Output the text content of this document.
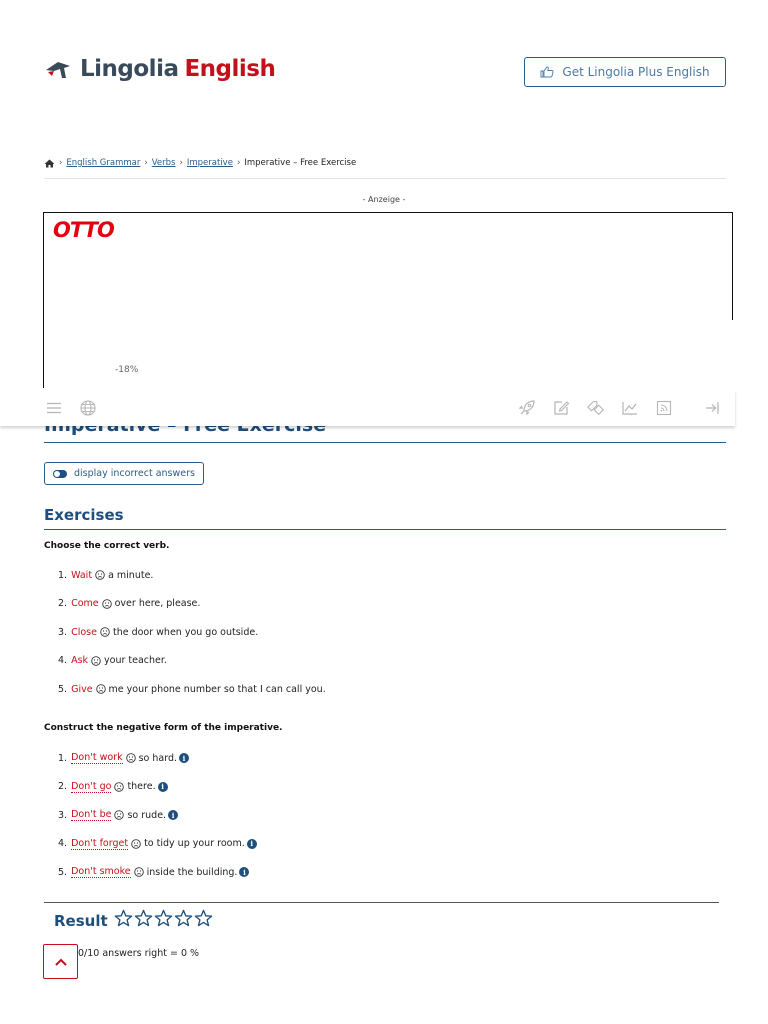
Lingolia English	Get Lingolia Plus English
› English Grammar › Verbs › Imperative › Imperative – Free Exercise
- Anzeige -
OTTO
-18%
display incorrect answers
Exercises
Choose the correct verb.
1. Wait a minute.
2. Come over here, please.
3. Close the door when you go outside.
4. Ask your teacher.
5. Give me your phone number so that I can call you.
Construct the negative form of the imperative.
1. Don't work so hard. i
2. Don't go there. i
3. Don't be so rude. i
4. Don't forget to tidy up your room. i
5. Don't smoke inside the building. i
Result
0/10 answers right = 0 %
